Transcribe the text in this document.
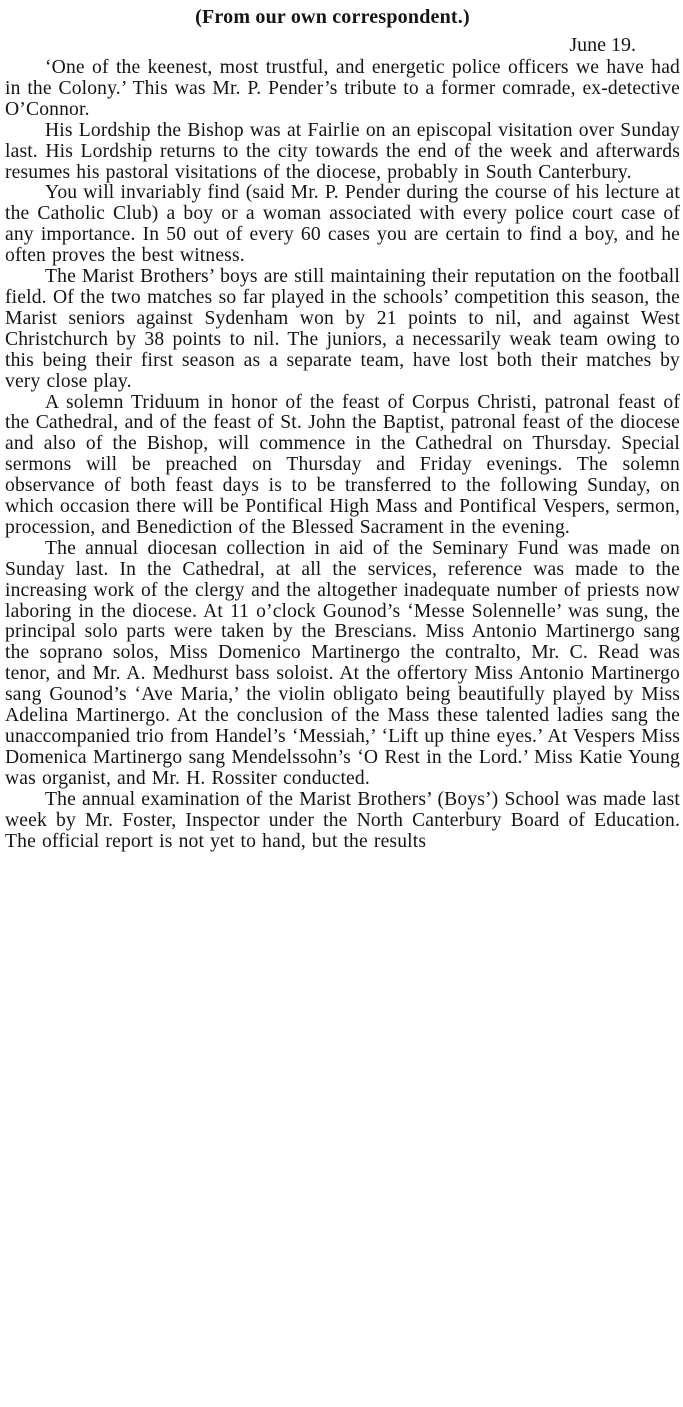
(From our own correspondent.)
June 19.

‘One of the keenest, most trustful, and energetic police officers we have had in the Colony.’ This was Mr. P. Pender’s tribute to a former comrade, ex-detective O’Connor.

His Lordship the Bishop was at Fairlie on an episcopal visitation over Sunday last. His Lordship returns to the city towards the end of the week and afterwards resumes his pastoral visitations of the diocese, probably in South Canterbury.

You will invariably find (said Mr. P. Pender during the course of his lecture at the Catholic Club) a boy or a woman associated with every police court case of any importance. In 50 out of every 60 cases you are certain to find a boy, and he often proves the best witness.

The Marist Brothers’ boys are still maintaining their reputation on the football field. Of the two matches so far played in the schools’ competition this season, the Marist seniors against Sydenham won by 21 points to nil, and against West Christchurch by 38 points to nil. The juniors, a necessarily weak team owing to this being their first season as a separate team, have lost both their matches by very close play.

A solemn Triduum in honor of the feast of Corpus Christi, patronal feast of the Cathedral, and of the feast of St. John the Baptist, patronal feast of the diocese and also of the Bishop, will commence in the Cathedral on Thursday. Special sermons will be preached on Thursday and Friday evenings. The solemn observance of both feast days is to be transferred to the following Sunday, on which occasion there will be Pontifical High Mass and Pontifical Vespers, sermon, procession, and Benediction of the Blessed Sacrament in the evening.

The annual diocesan collection in aid of the Seminary Fund was made on Sunday last. In the Cathedral, at all the services, reference was made to the increasing work of the clergy and the altogether inadequate number of priests now laboring in the diocese. At 11 o’clock Gounod’s ‘Messe Solennelle’ was sung, the principal solo parts were taken by the Brescians. Miss Antonio Martinergo sang the soprano solos, Miss Domenico Martinergo the contralto, Mr. C. Read was tenor, and Mr. A. Medhurst bass soloist. At the offertory Miss Antonio Martinergo sang Gounod’s ‘Ave Maria,’ the violin obligato being beautifully played by Miss Adelina Martinergo. At the conclusion of the Mass these talented ladies sang the unaccompanied trio from Handel’s ‘Messiah,’ ‘Lift up thine eyes.’ At Vespers Miss Domenica Martinergo sang Mendelssohn’s ‘O Rest in the Lord.’ Miss Katie Young was organist, and Mr. H. Rossiter conducted.

The annual examination of the Marist Brothers’ (Boys’) School was made last week by Mr. Foster, Inspector under the North Canterbury Board of Education. The official report is not yet to hand, but the results
